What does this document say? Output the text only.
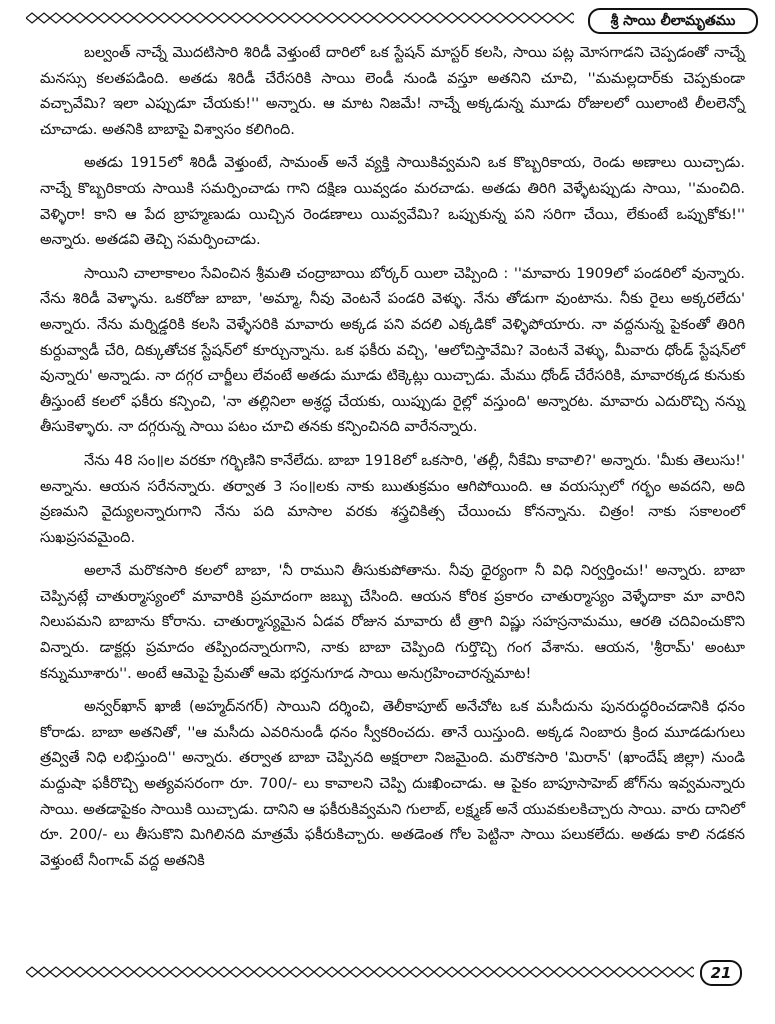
శ్రీ సాయి లీలామృతము

బల్వంత్ నాచ్నే మొదటిసారి శిరిడీ వెళ్తుంటే దారిలో ఒక స్టేషన్ మాస్టర్ కలసి, సాయి పట్ల మోసగాడని చెప్పడంతో నాచ్నే మనస్సు కలతపడింది. అతడు శిరిడీ చేరేసరికి సాయి లెండీ నుండి వస్తూ అతనిని చూచి, ''మమల్లదార్‌కు చెప్పకుండా వచ్చావేమి? ఇలా ఎప్పుడూ చేయకు!'' అన్నారు. ఆ మాట నిజమే! నాచ్నే అక్కడున్న మూడు రోజులలో యిలాంటి లీలలెన్నో చూచాడు. అతనికి బాబాపై విశ్వాసం కలిగింది.

అతడు 1915లో శిరిడీ వెళ్తుంటే, సామంత్ అనే వ్యక్తి సాయికివ్వమని ఒక కొబ్బరికాయ, రెండు అణాలు యిచ్చాడు. నాచ్నే కొబ్బరికాయ సాయికి సమర్పించాడు గాని దక్షిణ యివ్వడం మరచాడు. అతడు తిరిగి వెళ్ళేటప్పుడు సాయి, ''మంచిది. వెళ్ళిరా! కాని ఆ పేద బ్రాహ్మణుడు యిచ్చిన రెండణాలు యివ్వవేమి? ఒప్పుకున్న పని సరిగా చేయి, లేకుంటే ఒప్పుకోకు!'' అన్నారు. అతడవి తెచ్చి సమర్పించాడు.

సాయిని చాలాకాలం సేవించిన శ్రీమతి చంద్రాబాయి బోర్కర్ యిలా చెప్పింది : ''మావారు 1909లో పండరిలో వున్నారు. నేను శిరిడీ వెళ్ళాను. ఒకరోజు బాబా, 'అమ్మా, నీవు వెంటనే పండరి వెళ్ళు. నేను తోడుగా వుంటాను. నీకు రైలు అక్కరలేదు' అన్నారు. నేను మర్నిడ్డరికి కలసి వెళ్ళేసరికి మావారు అక్కడ పని వదలి ఎక్కడికో వెళ్ళిపోయారు. నా వద్దనున్న పైకంతో తిరిగి కుర్దువ్వాడీ చేరి, దిక్కుతోచక స్టేషన్‌లో కూర్చున్నాను. ఒక ఫకీరు వచ్చి, 'ఆలోచిస్తావేమి? వెంటనే వెళ్ళు, మీవారు ధోండ్ స్టేషన్‌లో వున్నారు' అన్నాడు. నా దగ్గర చార్జీలు లేవంటే అతడు మూడు టిక్కెట్లు యిచ్చాడు. మేము ధోండ్ చేరేసరికి, మావారక్కడ కునుకు తీస్తుంటే కలలో ఫకీరు కన్పించి, 'నా తల్లినిలా అశ్రద్ధ చేయకు, యిప్పుడు రైల్లో వస్తుంది' అన్నారట. మావారు ఎదురొచ్చి నన్ను తీసుకెళ్ళారు. నా దగ్గరున్న సాయి పటం చూచి తనకు కన్పించినది వారేనన్నారు.

నేను 48 సం॥ల వరకూ గర్భిణిని కానేలేదు. బాబా 1918లో ఒకసారి, 'తల్లీ, నీకేమి కావాలి?' అన్నారు. 'మీకు తెలుసు!' అన్నాను. ఆయన సరేనన్నారు. తర్వాత 3 సం॥లకు నాకు ఋతుక్రమం ఆగిపోయింది. ఆ వయస్సులో గర్భం అవదని, అది వ్రణమని వైద్యులన్నారుగాని నేను పది మాసాల వరకు శస్త్రచికిత్స చేయించు కోనన్నాను. చిత్రం! నాకు సకాలంలో సుఖప్రసవమైంది.

అలానే మరొకసారి కలలో బాబా, 'నీ రాముని తీసుకుపోతాను. నీవు ధైర్యంగా నీ విధి నిర్వర్తించు!' అన్నారు. బాబా చెప్పినట్లే చాతుర్మాస్యంలో మావారికి ప్రమాదంగా జబ్బు చేసింది. ఆయన కోరిక ప్రకారం చాతుర్మాస్యం వెళ్ళేదాకా మా వారిని నిలుపమని బాబాను కోరాను. చాతుర్మాస్యమైన ఏడవ రోజున మావారు టీ త్రాగి విష్ణు సహస్రనామము, ఆరతి చదివించుకొని విన్నారు. డాక్టర్లు ప్రమాదం తప్పిందన్నారుగాని, నాకు బాబా చెప్పింది గుర్తొచ్చి గంగ వేశాను. ఆయన, 'శ్రీరామ్' అంటూ కన్నుమూశారు''. అంటే ఆమెపై ప్రేమతో ఆమె భర్తనుగూడ సాయి అనుగ్రహించారన్నమాట!

అన్వర్‌ఖాన్ ఖాజీ (అహ్మద్‌నగర్) సాయిని దర్శించి, తెలీకాపూట్ అనేచోట ఒక మసీదును పునరుద్ధరించడానికి ధనం కోరాడు. బాబా అతనితో, ''ఆ మసీదు ఎవరినుండీ ధనం స్వీకరించదు. తానే యిస్తుంది. అక్కడ నింబారు క్రింద మూడడుగులు త్రవ్వితే నిధి లభిస్తుంది'' అన్నారు. తర్వాత బాబా చెప్పినది అక్షరాలా నిజమైంది. మరొకసారి 'మిరాన్' (ఖాందేష్ జిల్లా) నుండి మద్దుషా ఫకీరొచ్చి అత్యవసరంగా రూ. 700/- లు కావాలని చెప్పి దుఃఖించాడు. ఆ పైకం బాపూసాహెబ్ జోగ్‌ను ఇవ్వమన్నారు సాయి. అతడాపైకం సాయికి యిచ్చాడు. దానిని ఆ ఫకీరుకివ్వమని గులాబ్, లక్ష్మణ్ అనే యువకులకిచ్చారు సాయి. వారు దానిలో రూ. 200/- లు తీసుకొని మిగిలినది మాత్రమే ఫకీరుకిచ్చారు. అతడెంత గోల పెట్టినా సాయి పలుకలేదు. అతడు కాలి నడకన వెళ్తుంటే నీంగాఁవ్ వద్ద అతనికి

21
